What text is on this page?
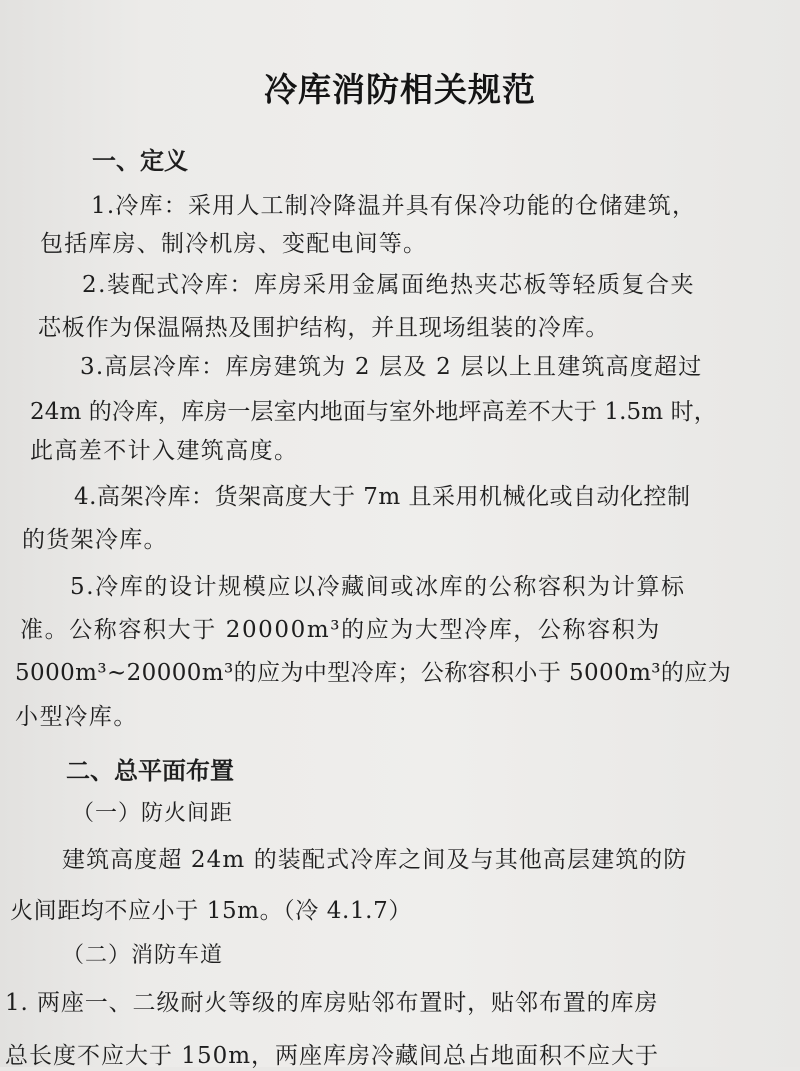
冷库消防相关规范
一、定义
1.冷库：采用人工制冷降温并具有保冷功能的仓储建筑，
包括库房、制冷机房、变配电间等。
2.装配式冷库：库房采用金属面绝热夹芯板等轻质复合夹
芯板作为保温隔热及围护结构，并且现场组装的冷库。
3.高层冷库：库房建筑为 2 层及 2 层以上且建筑高度超过
24m 的冷库，库房一层室内地面与室外地坪高差不大于 1.5m 时，
此高差不计入建筑高度。
4.高架冷库：货架高度大于 7m 且采用机械化或自动化控制
的货架冷库。
5.冷库的设计规模应以冷藏间或冰库的公称容积为计算标
准。公称容积大于 20000m³的应为大型冷库，公称容积为
5000m³~20000m³的应为中型冷库；公称容积小于 5000m³的应为
小型冷库。
二、总平面布置
（一）防火间距
建筑高度超 24m 的装配式冷库之间及与其他高层建筑的防
火间距均不应小于 15m。（冷 4.1.7）
（二）消防车道
1. 两座一、二级耐火等级的库房贴邻布置时，贴邻布置的库房
总长度不应大于 150m，两座库房冷藏间总占地面积不应大于
